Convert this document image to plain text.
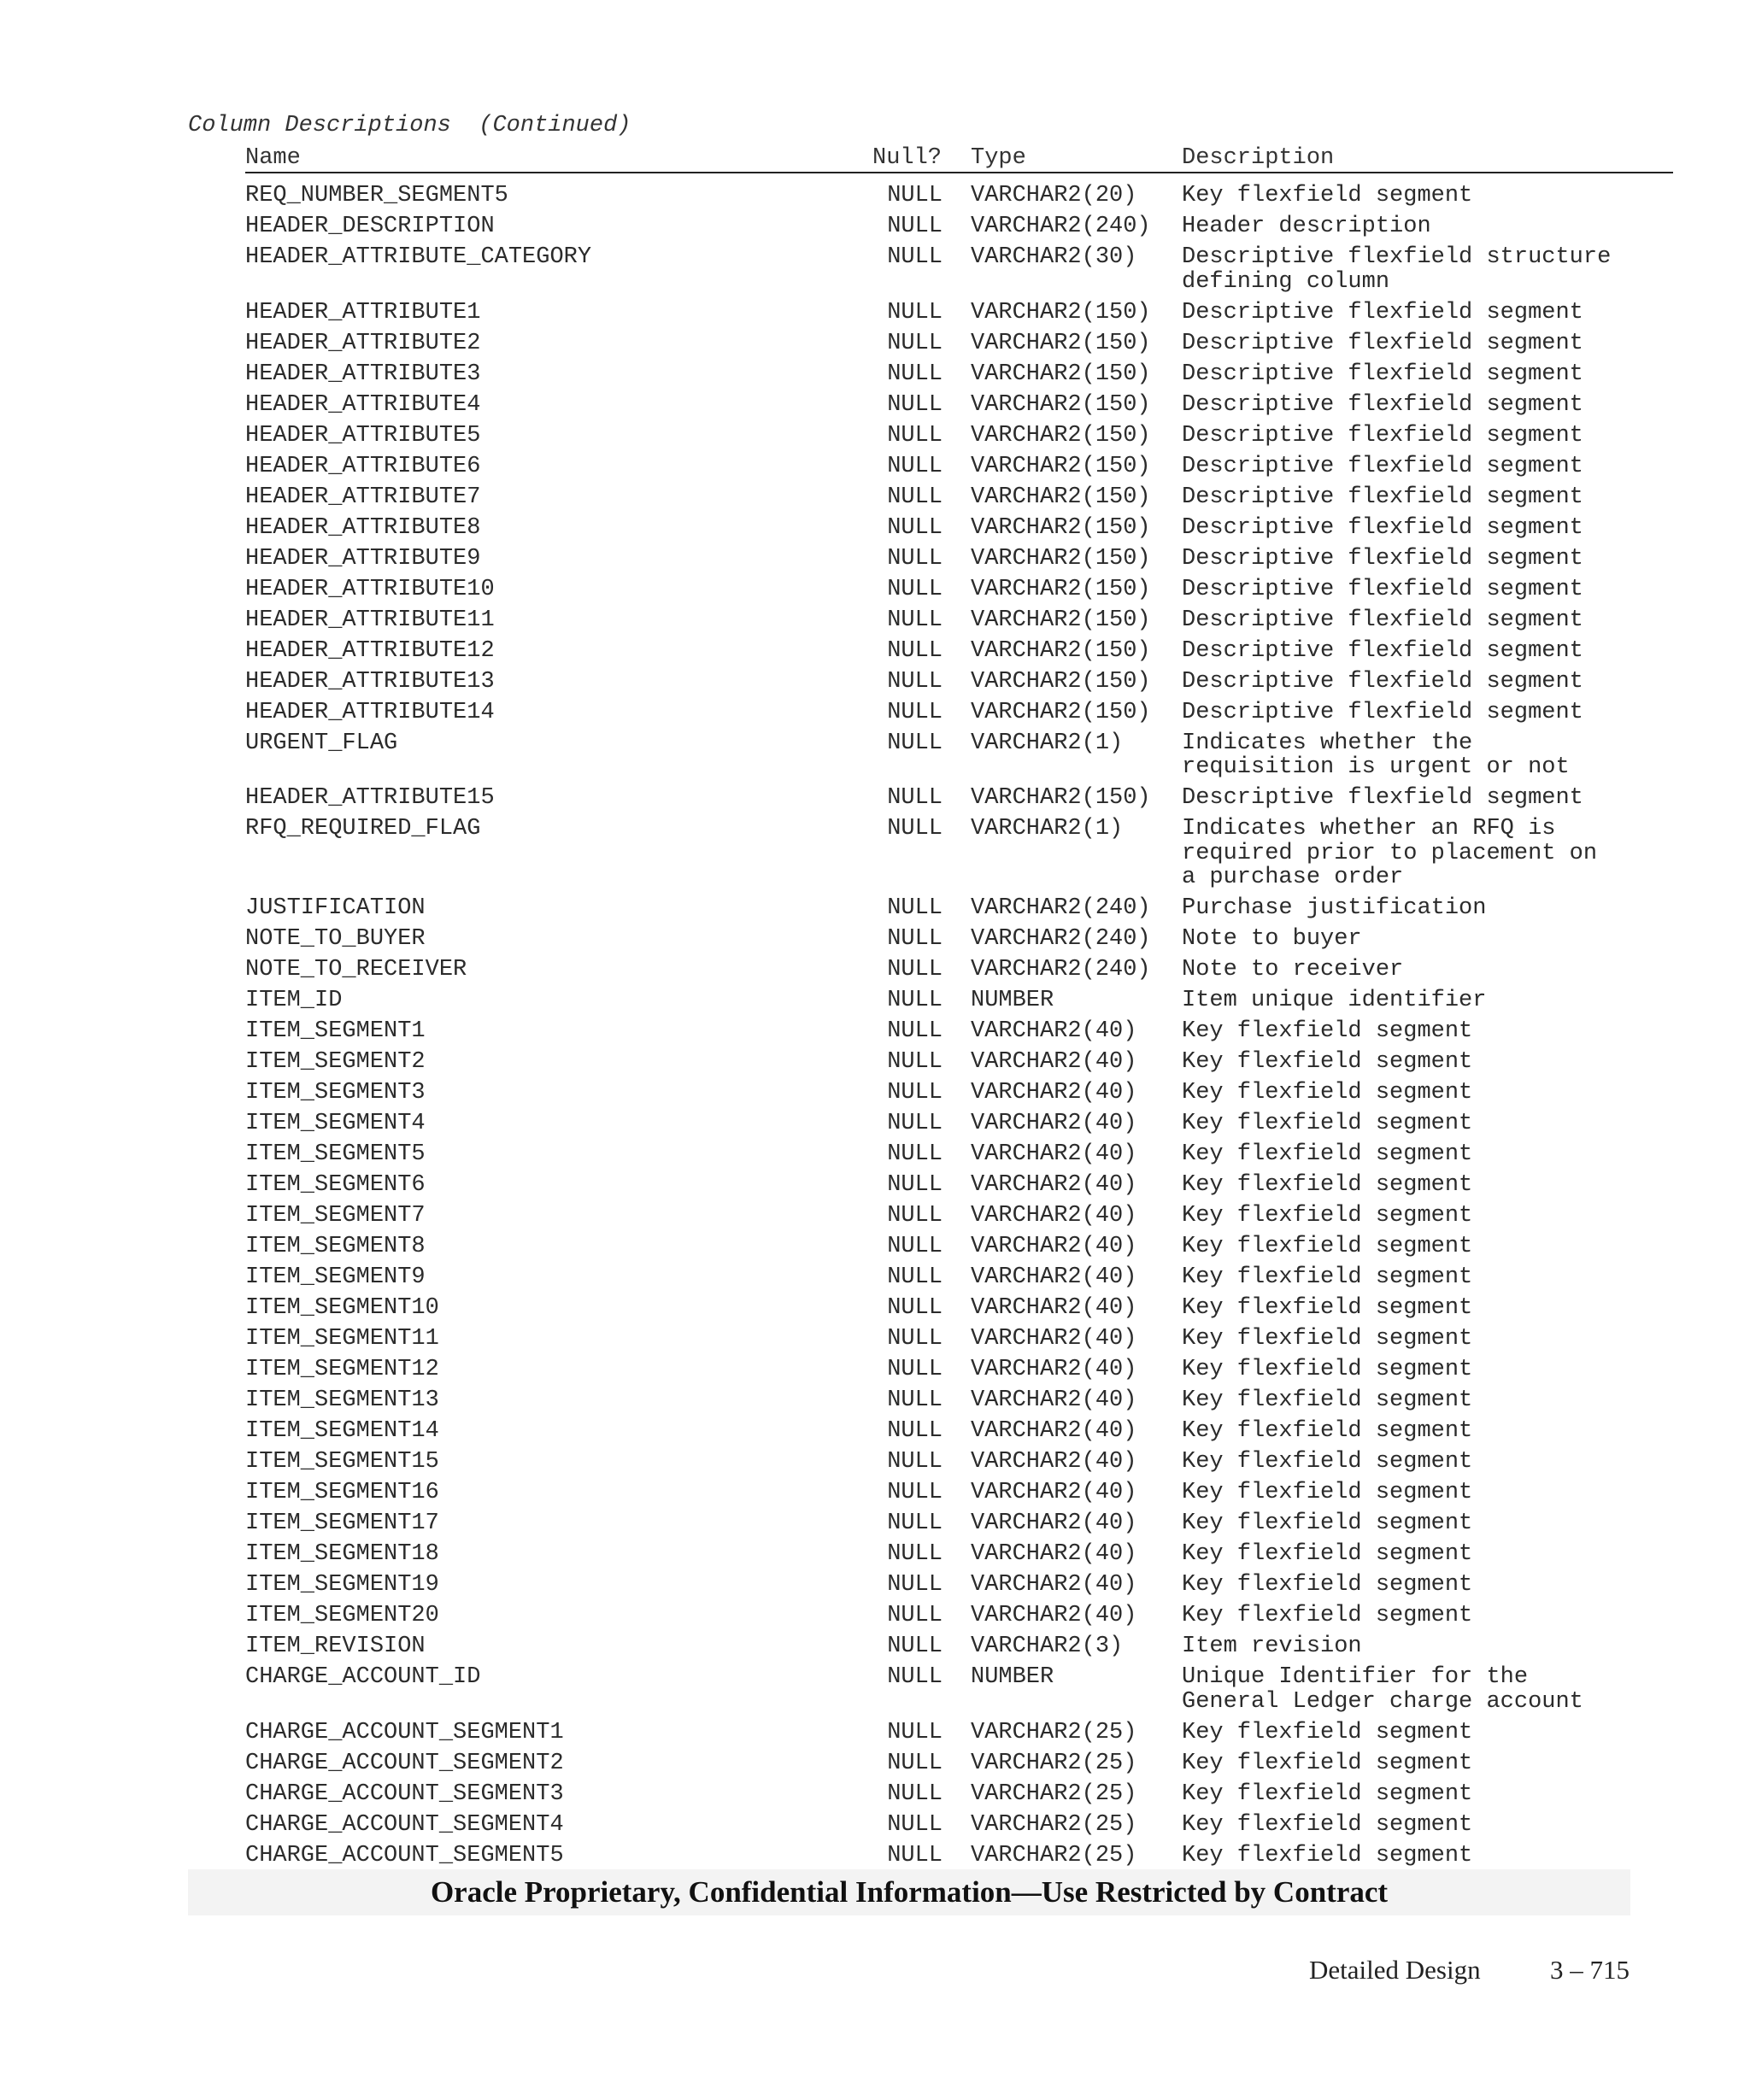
Column Descriptions  (Continued)
Name	Null?	Type	Description
REQ_NUMBER_SEGMENT5	NULL VARCHAR2(20) Key flexfield segment
HEADER_DESCRIPTION	NULL VARCHAR2(240) Header description
HEADER_ATTRIBUTE_CATEGORY	NULL VARCHAR2(30) Descriptive flexfield structure
defining column
HEADER_ATTRIBUTE1	NULL VARCHAR2(150) Descriptive flexfield segment
HEADER_ATTRIBUTE2	NULL VARCHAR2(150) Descriptive flexfield segment
HEADER_ATTRIBUTE3	NULL VARCHAR2(150) Descriptive flexfield segment
HEADER_ATTRIBUTE4	NULL VARCHAR2(150) Descriptive flexfield segment
HEADER_ATTRIBUTE5	NULL VARCHAR2(150) Descriptive flexfield segment
HEADER_ATTRIBUTE6	NULL VARCHAR2(150) Descriptive flexfield segment
HEADER_ATTRIBUTE7	NULL VARCHAR2(150) Descriptive flexfield segment
HEADER_ATTRIBUTE8	NULL VARCHAR2(150) Descriptive flexfield segment
HEADER_ATTRIBUTE9	NULL VARCHAR2(150) Descriptive flexfield segment
HEADER_ATTRIBUTE10	NULL VARCHAR2(150) Descriptive flexfield segment
HEADER_ATTRIBUTE11	NULL VARCHAR2(150) Descriptive flexfield segment
HEADER_ATTRIBUTE12	NULL VARCHAR2(150) Descriptive flexfield segment
HEADER_ATTRIBUTE13	NULL VARCHAR2(150) Descriptive flexfield segment
HEADER_ATTRIBUTE14	NULL VARCHAR2(150) Descriptive flexfield segment
URGENT_FLAG	NULL VARCHAR2(1)	Indicates whether the
requisition is urgent or not
HEADER_ATTRIBUTE15	NULL VARCHAR2(150) Descriptive flexfield segment
RFQ_REQUIRED_FLAG	NULL VARCHAR2(1)	Indicates whether an RFQ is
required prior to placement on
a purchase order
JUSTIFICATION	NULL VARCHAR2(240) Purchase justification
NOTE_TO_BUYER	NULL VARCHAR2(240) Note to buyer
NOTE_TO_RECEIVER	NULL VARCHAR2(240) Note to receiver
ITEM_ID	NULL NUMBER	Item unique identifier
ITEM_SEGMENT1	NULL VARCHAR2(40) Key flexfield segment
ITEM_SEGMENT2	NULL VARCHAR2(40) Key flexfield segment
ITEM_SEGMENT3	NULL VARCHAR2(40) Key flexfield segment
ITEM_SEGMENT4	NULL VARCHAR2(40) Key flexfield segment
ITEM_SEGMENT5	NULL VARCHAR2(40) Key flexfield segment
ITEM_SEGMENT6	NULL VARCHAR2(40) Key flexfield segment
ITEM_SEGMENT7	NULL VARCHAR2(40) Key flexfield segment
ITEM_SEGMENT8	NULL VARCHAR2(40) Key flexfield segment
ITEM_SEGMENT9	NULL VARCHAR2(40) Key flexfield segment
ITEM_SEGMENT10	NULL VARCHAR2(40) Key flexfield segment
ITEM_SEGMENT11	NULL VARCHAR2(40) Key flexfield segment
ITEM_SEGMENT12	NULL VARCHAR2(40) Key flexfield segment
ITEM_SEGMENT13	NULL VARCHAR2(40) Key flexfield segment
ITEM_SEGMENT14	NULL VARCHAR2(40) Key flexfield segment
ITEM_SEGMENT15	NULL VARCHAR2(40) Key flexfield segment
ITEM_SEGMENT16	NULL VARCHAR2(40) Key flexfield segment
ITEM_SEGMENT17	NULL VARCHAR2(40) Key flexfield segment
ITEM_SEGMENT18	NULL VARCHAR2(40) Key flexfield segment
ITEM_SEGMENT19	NULL VARCHAR2(40) Key flexfield segment
ITEM_SEGMENT20	NULL VARCHAR2(40) Key flexfield segment
ITEM_REVISION	NULL VARCHAR2(3)	Item revision
CHARGE_ACCOUNT_ID	NULL NUMBER	Unique Identifier for the
General Ledger charge account
CHARGE_ACCOUNT_SEGMENT1	NULL VARCHAR2(25) Key flexfield segment
CHARGE_ACCOUNT_SEGMENT2	NULL VARCHAR2(25) Key flexfield segment
CHARGE_ACCOUNT_SEGMENT3	NULL VARCHAR2(25) Key flexfield segment
CHARGE_ACCOUNT_SEGMENT4	NULL VARCHAR2(25) Key flexfield segment
CHARGE_ACCOUNT_SEGMENT5	NULL VARCHAR2(25) Key flexfield segment
Oracle Proprietary, Confidential Information––Use Restricted by Contract
Detailed Design	3 – 715
